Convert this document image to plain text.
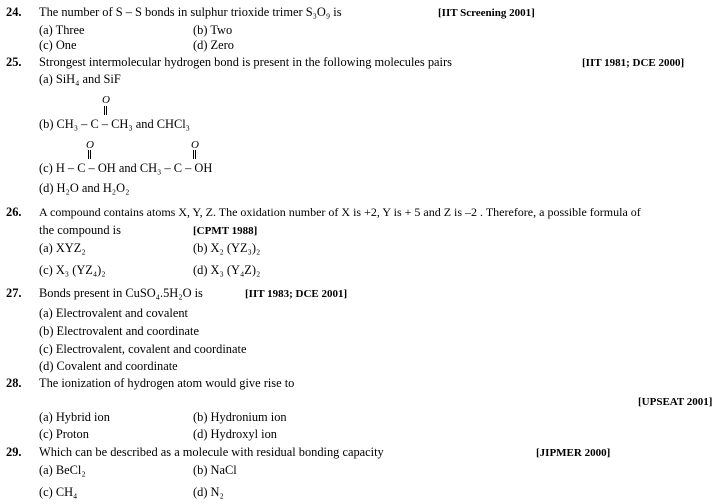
24. The number of S – S bonds in sulphur trioxide trimer S₃O₉ is	[IIT Screening 2001]
(a) Three	(b) Two
(c) One	(d) Zero
25. Strongest intermolecular hydrogen bond is present in the following molecules pairs	[IIT 1981; DCE 2000]
(a) SiH₄ and SiF
O
(b) CH₃ – C – CH₃ and CHCl₃
O	O
(c) H – C – OH and CH₃ – C – OH
(d) H₂O and H₂O₂
26. A compound contains atoms X, Y, Z. The oxidation number of X is +2, Y is + 5 and Z is –2 . Therefore, a possible formula of
the compound is	[CPMT 1988]
(a) XYZ₂	(b) X₂ (YZ₃)₂
(c) X₃ (YZ₄)₂	(d) X₃ (Y₄Z)₂
27. Bonds present in CuSO₄.5H₂O is	[IIT 1983; DCE 2001]
(a) Electrovalent and covalent
(b) Electrovalent and coordinate
(c) Electrovalent, covalent and coordinate
(d) Covalent and coordinate
28. The ionization of hydrogen atom would give rise to
[UPSEAT 2001]
(a) Hybrid ion	(b) Hydronium ion
(c) Proton	(d) Hydroxyl ion
29. Which can be described as a molecule with residual bonding capacity	[JIPMER 2000]
(a) BeCl₂	(b) NaCl
(c) CH₄	(d) N₂
